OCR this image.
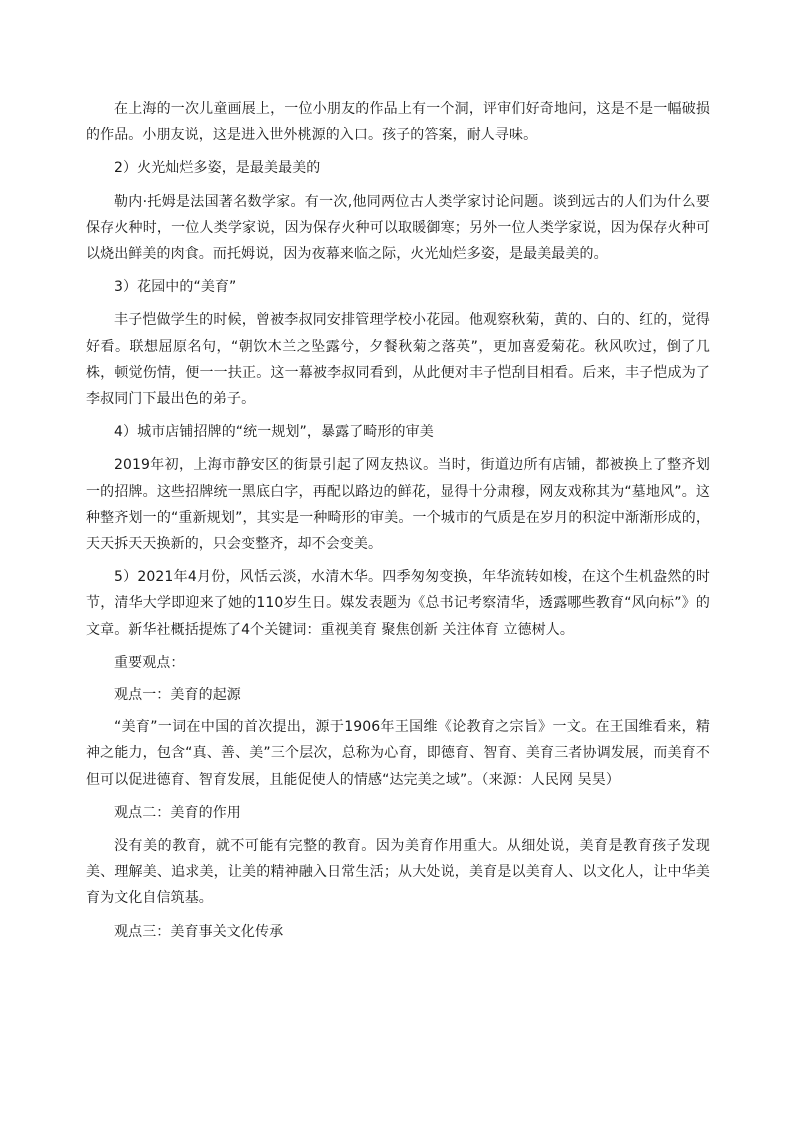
在上海的一次儿童画展上，一位小朋友的作品上有一个洞，评审们好奇地问，这是不是一幅破损的作品。小朋友说，这是进入世外桃源的入口。孩子的答案，耐人寻味。

2）火光灿烂多姿，是最美最美的

勒内·托姆是法国著名数学家。有一次,他同两位古人类学家讨论问题。谈到远古的人们为什么要保存火种时，一位人类学家说，因为保存火种可以取暖御寒；另外一位人类学家说，因为保存火种可以烧出鲜美的肉食。而托姆说，因为夜幕来临之际，火光灿烂多姿，是最美最美的。

3）花园中的“美育”

丰子恺做学生的时候，曾被李叔同安排管理学校小花园。他观察秋菊，黄的、白的、红的，觉得好看。联想屈原名句，“朝饮木兰之坠露兮，夕餐秋菊之落英”，更加喜爱菊花。秋风吹过，倒了几株，顿觉伤情，便一一扶正。这一幕被李叔同看到，从此便对丰子恺刮目相看。后来，丰子恺成为了李叔同门下最出色的弟子。

4）城市店铺招牌的“统一规划”，暴露了畸形的审美

2019年初，上海市静安区的街景引起了网友热议。当时，街道边所有店铺，都被换上了整齐划一的招牌。这些招牌统一黑底白字，再配以路边的鲜花，显得十分肃穆，网友戏称其为“墓地风”。这种整齐划一的“重新规划”，其实是一种畸形的审美。一个城市的气质是在岁月的积淀中渐渐形成的，天天拆天天换新的，只会变整齐，却不会变美。

5）2021年4月份，风恬云淡，水清木华。四季匆匆变换，年华流转如梭，在这个生机盎然的时节，清华大学即迎来了她的110岁生日。媒发表题为《总书记考察清华，透露哪些教育“风向标”》的文章。新华社概括提炼了4个关键词：重视美育 聚焦创新 关注体育 立德树人。

重要观点：

观点一：美育的起源

“美育”一词在中国的首次提出，源于1906年王国维《论教育之宗旨》一文。在王国维看来，精神之能力，包含“真、善、美”三个层次，总称为心育，即德育、智育、美育三者协调发展，而美育不但可以促进德育、智育发展，且能促使人的情感“达完美之域”。（来源：人民网 吴昊）

观点二：美育的作用

没有美的教育，就不可能有完整的教育。因为美育作用重大。从细处说，美育是教育孩子发现美、理解美、追求美，让美的精神融入日常生活；从大处说，美育是以美育人、以文化人，让中华美育为文化自信筑基。

观点三：美育事关文化传承
